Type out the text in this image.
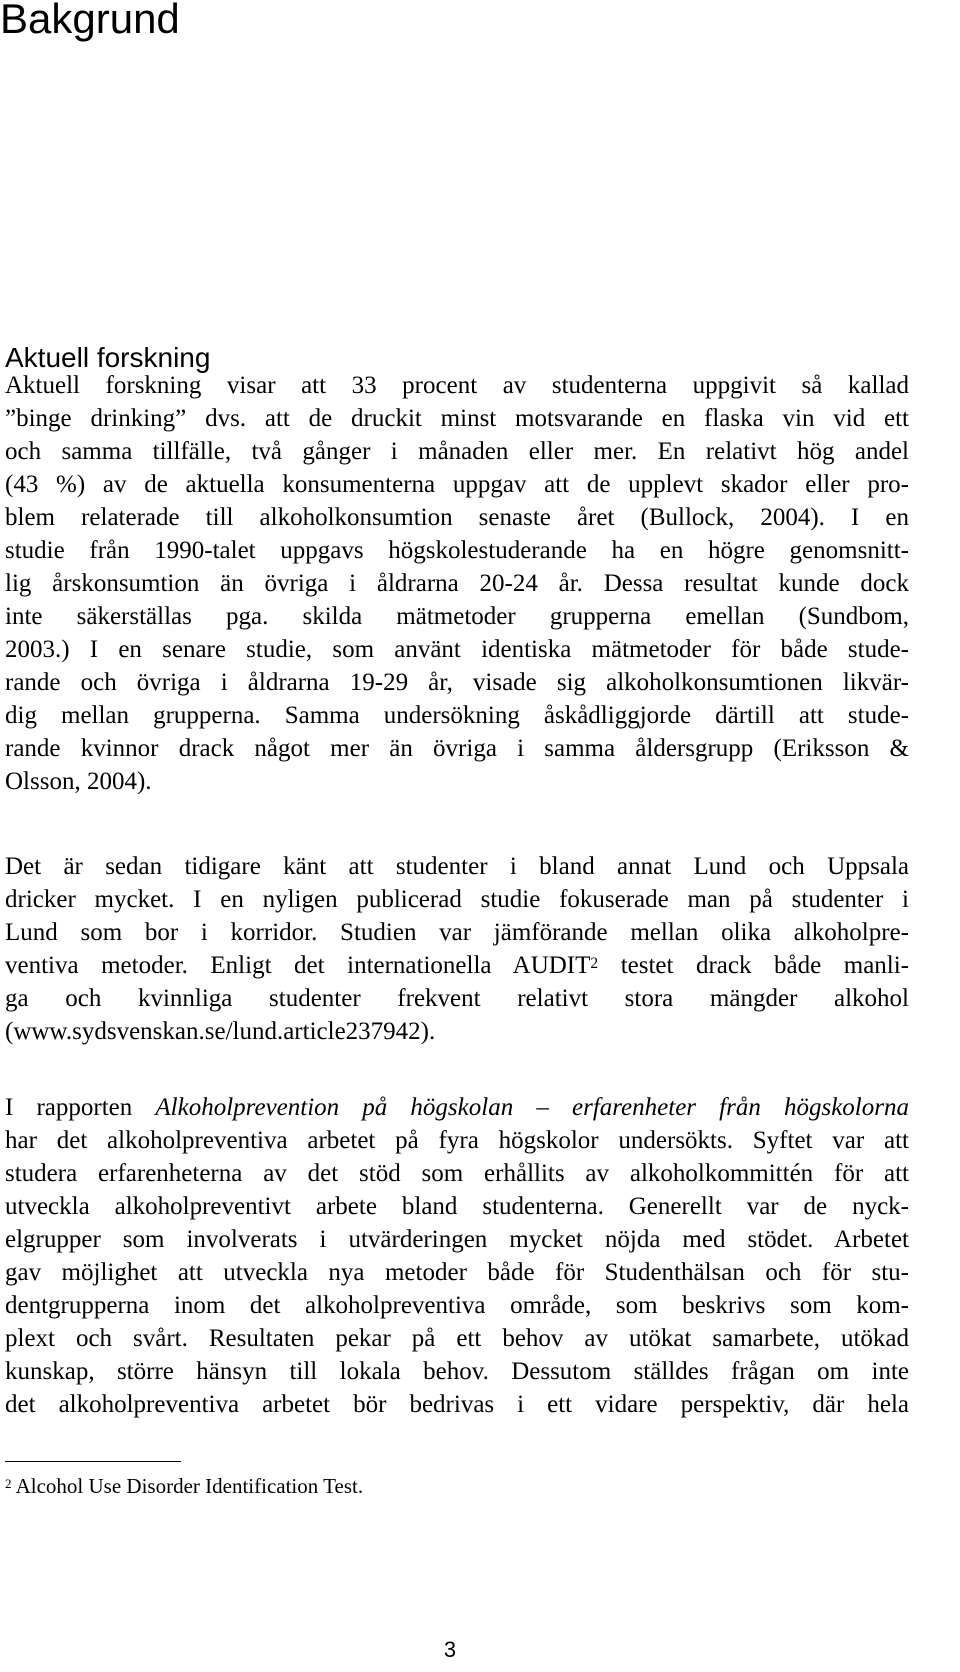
Bakgrund
Aktuell forskning
Aktuell forskning visar att 33 procent av studenterna uppgivit så kallad
”binge drinking” dvs. att de druckit minst motsvarande en flaska vin vid ett
och samma tillfälle, två gånger i månaden eller mer. En relativt hög andel
(43 %) av de aktuella konsumenterna uppgav att de upplevt skador eller pro-
blem relaterade till alkoholkonsumtion senaste året (Bullock, 2004). I en
studie från 1990-talet uppgavs högskolestuderande ha en högre genomsnitt-
lig årskonsumtion än övriga i åldrarna 20-24 år. Dessa resultat kunde dock
inte säkerställas pga. skilda mätmetoder grupperna emellan (Sundbom,
2003.) I en senare studie, som använt identiska mätmetoder för både stude-
rande och övriga i åldrarna 19-29 år, visade sig alkoholkonsumtionen likvär-
dig mellan grupperna. Samma undersökning åskådliggjorde därtill att stude-
rande kvinnor drack något mer än övriga i samma åldersgrupp (Eriksson &
Olsson, 2004).
Det är sedan tidigare känt att studenter i bland annat Lund och Uppsala
dricker mycket. I en nyligen publicerad studie fokuserade man på studenter i
Lund som bor i korridor. Studien var jämförande mellan olika alkoholpre-
ventiva metoder. Enligt det internationella AUDIT$^2$ testet drack både manli-
ga och kvinnliga studenter frekvent relativt stora mängder alkohol
(www.sydsvenskan.se/lund.article237942).
I rapporten Alkoholprevention på högskolan – erfarenheter från högskolorna
har det alkoholpreventiva arbetet på fyra högskolor undersökts. Syftet var att
studera erfarenheterna av det stöd som erhållits av alkoholkommittén för att
utveckla alkoholpreventivt arbete bland studenterna. Generellt var de nyck-
elgrupper som involverats i utvärderingen mycket nöjda med stödet. Arbetet
gav möjlighet att utveckla nya metoder både för Studenthälsan och för stu-
dentgrupperna inom det alkoholpreventiva område, som beskrivs som kom-
plext och svårt. Resultaten pekar på ett behov av utökat samarbete, utökad
kunskap, större hänsyn till lokala behov. Dessutom ställdes frågan om inte
det alkoholpreventiva arbetet bör bedrivas i ett vidare perspektiv, där hela
$^2$ Alcohol Use Disorder Identification Test.
3
